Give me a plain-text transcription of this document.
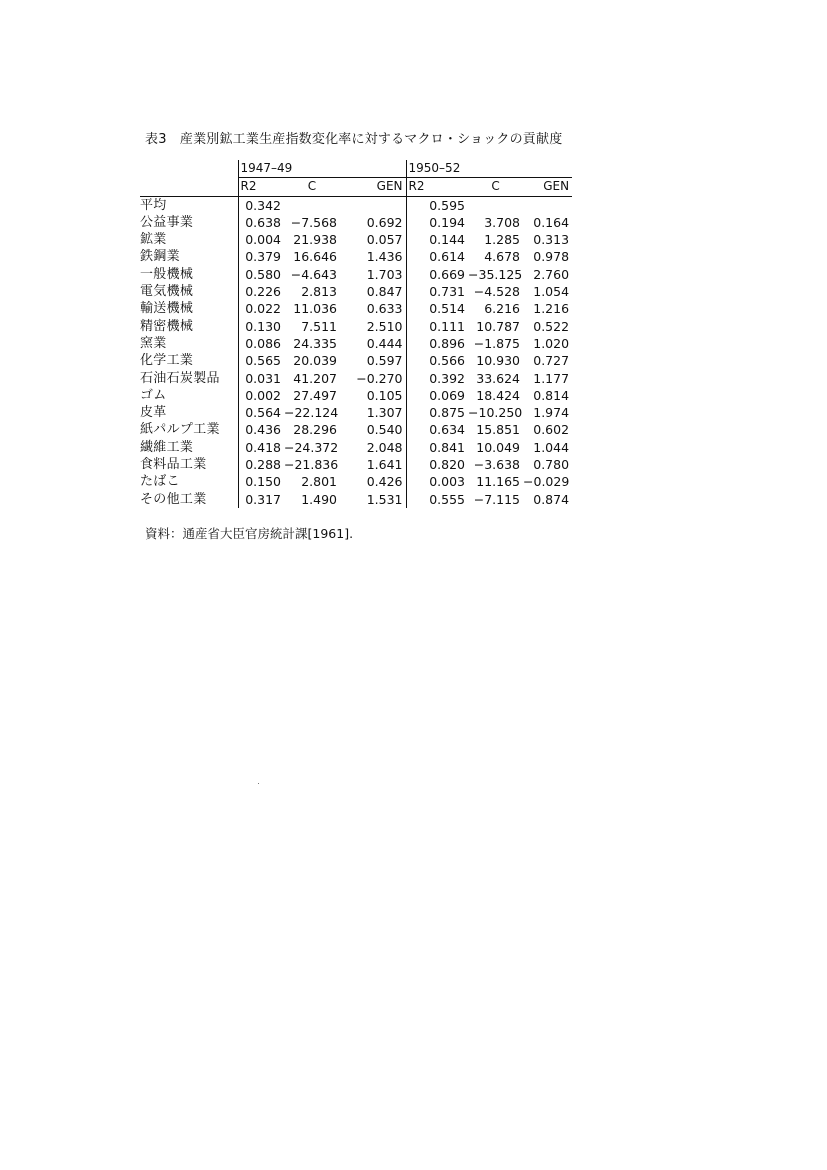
表3　産業別鉱工業生産指数変化率に対するマクロ・ショックの貢献度
	1947–49			1950–52		
	R2	C	GEN	R2	C	GEN
平均	0.342			0.595		
公益事業	0.638	−7.568	0.692	0.194	3.708	0.164
鉱業	0.004	21.938	0.057	0.144	1.285	0.313
鉄鋼業	0.379	16.646	1.436	0.614	4.678	0.978
一般機械	0.580	−4.643	1.703	0.669	−35.125	2.760
電気機械	0.226	2.813	0.847	0.731	−4.528	1.054
輸送機械	0.022	11.036	0.633	0.514	6.216	1.216
精密機械	0.130	7.511	2.510	0.111	10.787	0.522
窯業	0.086	24.335	0.444	0.896	−1.875	1.020
化学工業	0.565	20.039	0.597	0.566	10.930	0.727
石油石炭製品	0.031	41.207	−0.270	0.392	33.624	1.177
ゴム	0.002	27.497	0.105	0.069	18.424	0.814
皮革	0.564	−22.124	1.307	0.875	−10.250	1.974
紙パルプ工業	0.436	28.296	0.540	0.634	15.851	0.602
繊維工業	0.418	−24.372	2.048	0.841	10.049	1.044
食料品工業	0.288	−21.836	1.641	0.820	−3.638	0.780
たばこ	0.150	2.801	0.426	0.003	11.165	−0.029
その他工業	0.317	1.490	1.531	0.555	−7.115	0.874
資料：通産省大臣官房統計課[1961].
